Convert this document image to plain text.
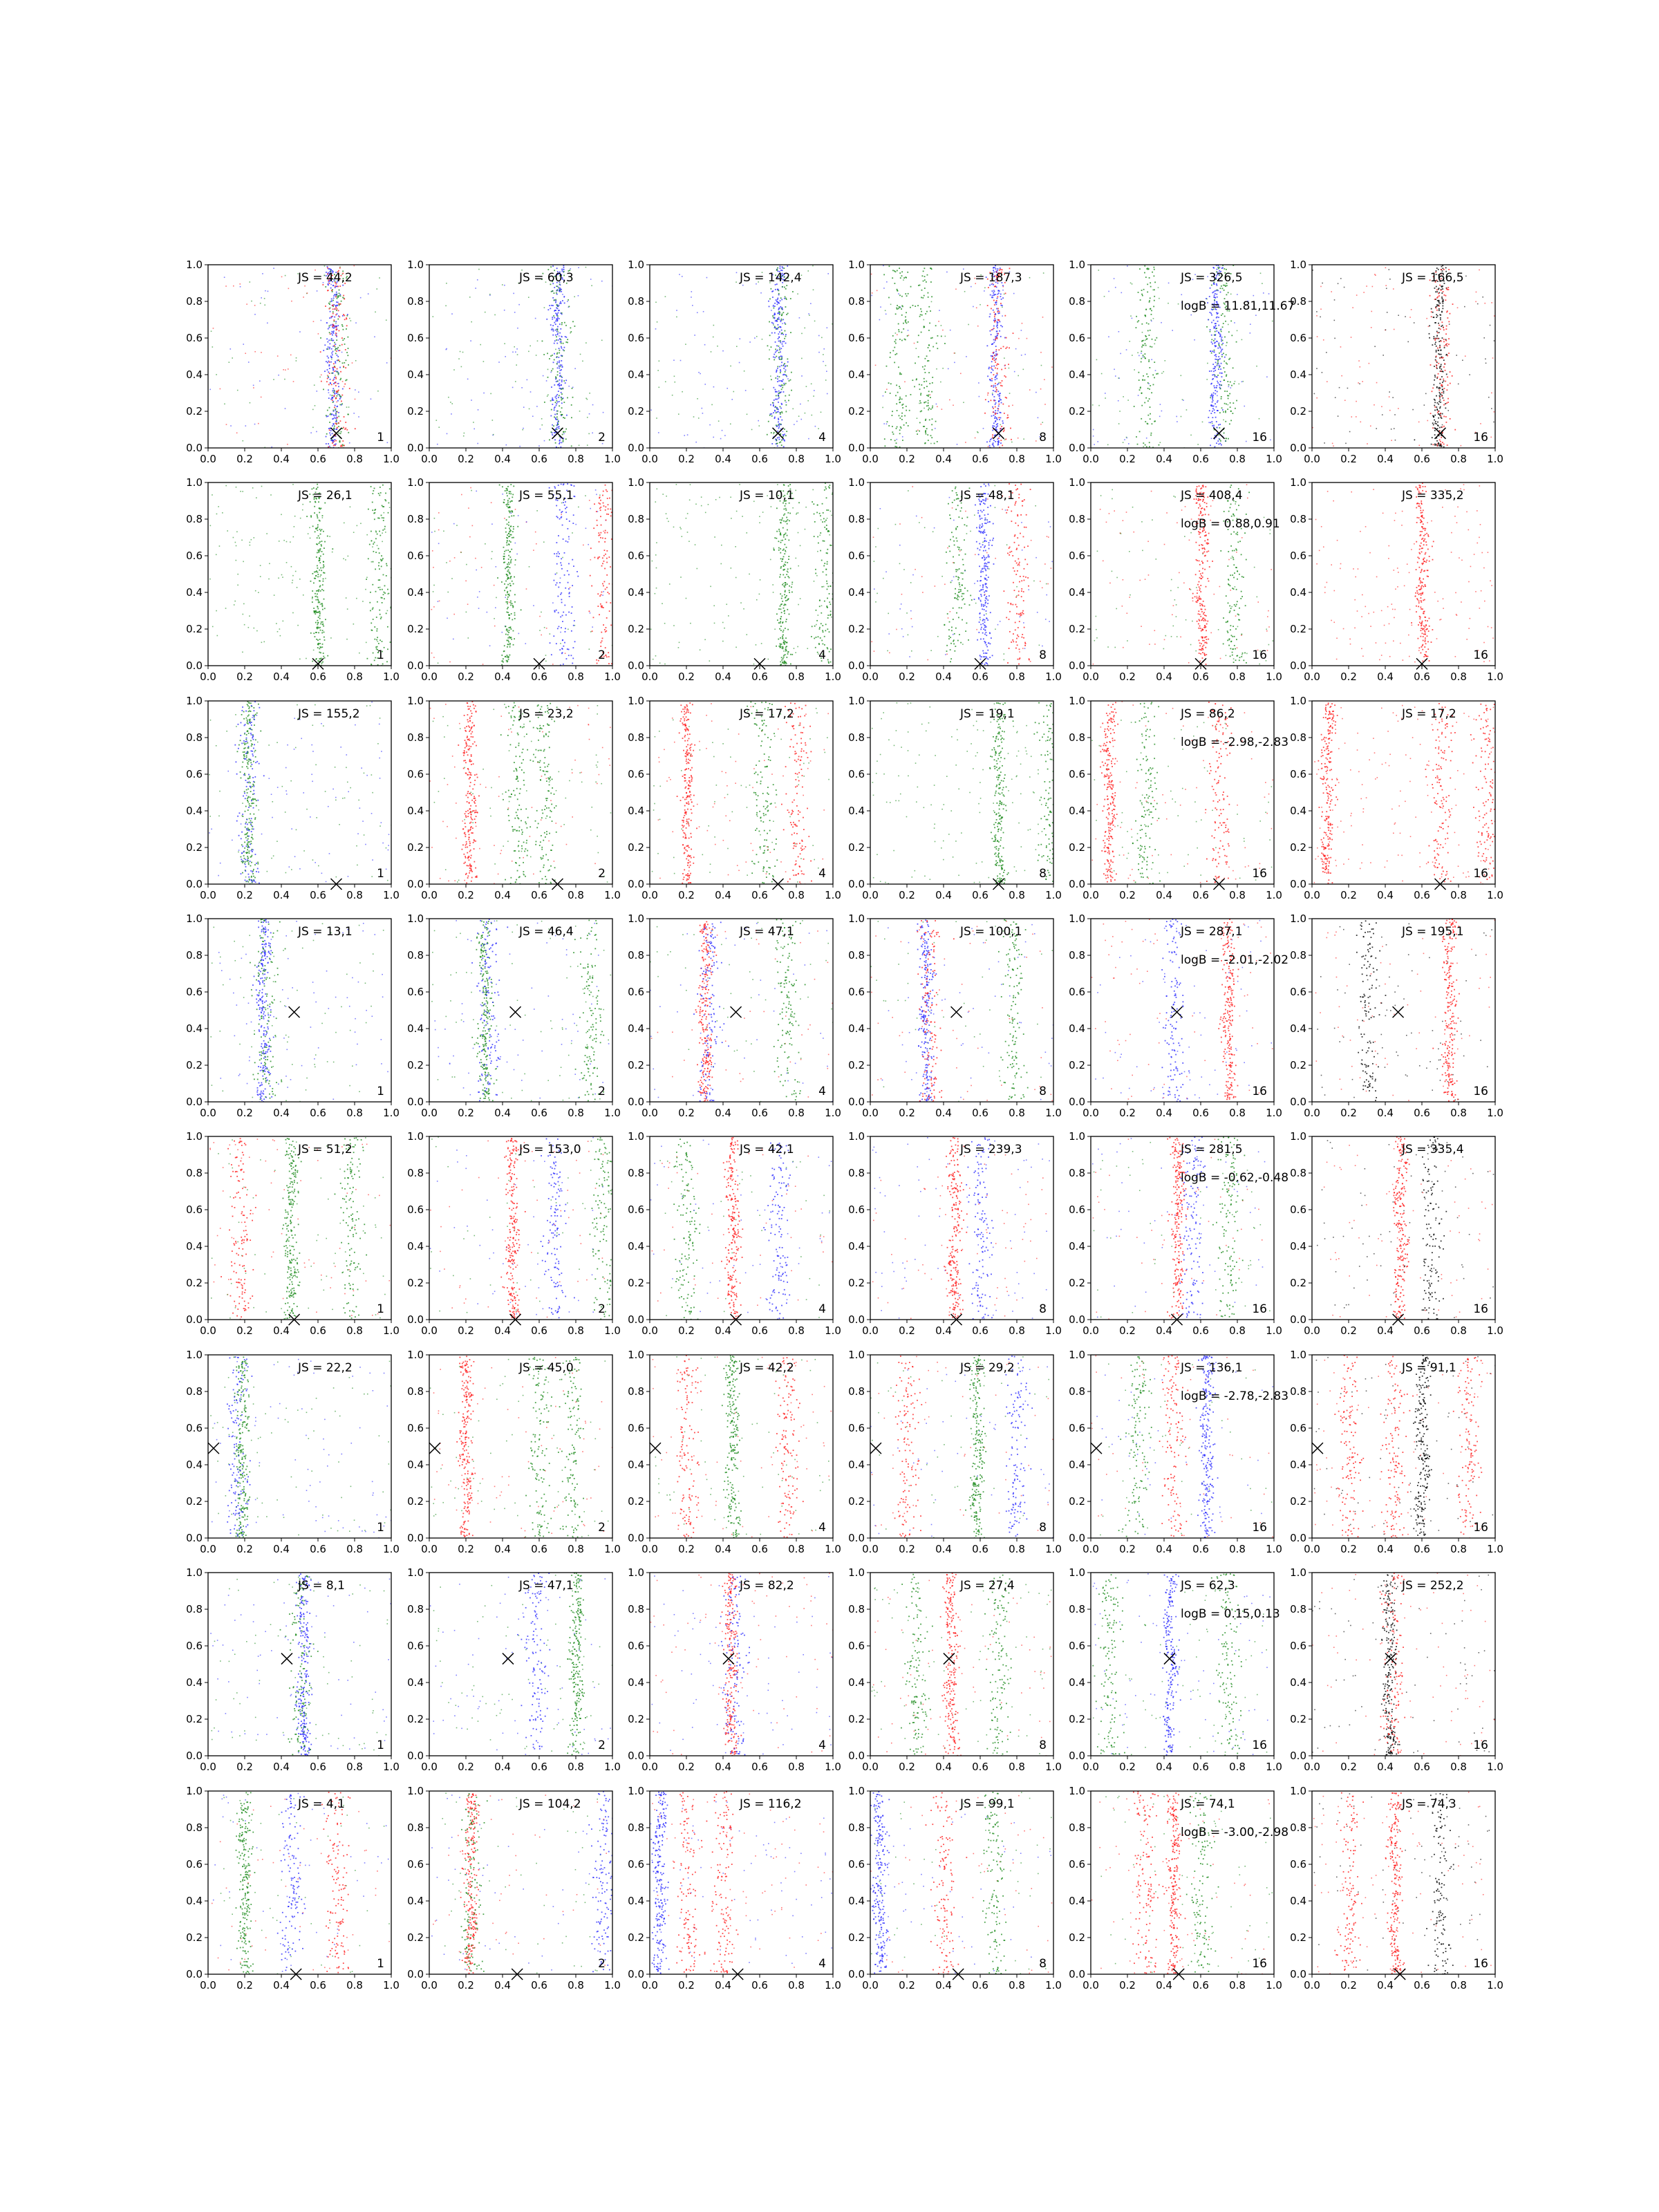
0.0
0.0
0.2
0.2
0.4
0.4
0.6
0.6
0.8
0.8
1.0
1.0
JS = 44,2
1
0.0
0.0
0.2
0.2
0.4
0.4
0.6
0.6
0.8
0.8
1.0
1.0
JS = 60,3
2
0.0
0.0
0.2
0.2
0.4
0.4
0.6
0.6
0.8
0.8
1.0
1.0
JS = 142,4
4
0.0
0.0
0.2
0.2
0.4
0.4
0.6
0.6
0.8
0.8
1.0
1.0
JS = 187,3
8
0.0
0.0
0.2
0.2
0.4
0.4
0.6
0.6
0.8
0.8
1.0
1.0
JS = 326,5
logB = 11.81,11.67
16
0.0
0.0
0.2
0.2
0.4
0.4
0.6
0.6
0.8
0.8
1.0
1.0
JS = 166,5
16
0.0
0.0
0.2
0.2
0.4
0.4
0.6
0.6
0.8
0.8
1.0
1.0
JS = 26,1
1
0.0
0.0
0.2
0.2
0.4
0.4
0.6
0.6
0.8
0.8
1.0
1.0
JS = 55,1
2
0.0
0.0
0.2
0.2
0.4
0.4
0.6
0.6
0.8
0.8
1.0
1.0
JS = 10,1
4
0.0
0.0
0.2
0.2
0.4
0.4
0.6
0.6
0.8
0.8
1.0
1.0
JS = 48,1
8
0.0
0.0
0.2
0.2
0.4
0.4
0.6
0.6
0.8
0.8
1.0
1.0
JS = 408,4
logB = 0.88,0.91
16
0.0
0.0
0.2
0.2
0.4
0.4
0.6
0.6
0.8
0.8
1.0
1.0
JS = 335,2
16
0.0
0.0
0.2
0.2
0.4
0.4
0.6
0.6
0.8
0.8
1.0
1.0
JS = 155,2
1
0.0
0.0
0.2
0.2
0.4
0.4
0.6
0.6
0.8
0.8
1.0
1.0
JS = 23,2
2
0.0
0.0
0.2
0.2
0.4
0.4
0.6
0.6
0.8
0.8
1.0
1.0
JS = 17,2
4
0.0
0.0
0.2
0.2
0.4
0.4
0.6
0.6
0.8
0.8
1.0
1.0
JS = 19,1
8
0.0
0.0
0.2
0.2
0.4
0.4
0.6
0.6
0.8
0.8
1.0
1.0
JS = 86,2
logB = -2.98,-2.83
16
0.0
0.0
0.2
0.2
0.4
0.4
0.6
0.6
0.8
0.8
1.0
1.0
JS = 17,2
16
0.0
0.0
0.2
0.2
0.4
0.4
0.6
0.6
0.8
0.8
1.0
1.0
JS = 13,1
1
0.0
0.0
0.2
0.2
0.4
0.4
0.6
0.6
0.8
0.8
1.0
1.0
JS = 46,4
2
0.0
0.0
0.2
0.2
0.4
0.4
0.6
0.6
0.8
0.8
1.0
1.0
JS = 47,1
4
0.0
0.0
0.2
0.2
0.4
0.4
0.6
0.6
0.8
0.8
1.0
1.0
JS = 100,1
8
0.0
0.0
0.2
0.2
0.4
0.4
0.6
0.6
0.8
0.8
1.0
1.0
JS = 287,1
logB = -2.01,-2.02
16
0.0
0.0
0.2
0.2
0.4
0.4
0.6
0.6
0.8
0.8
1.0
1.0
JS = 195,1
16
0.0
0.0
0.2
0.2
0.4
0.4
0.6
0.6
0.8
0.8
1.0
1.0
JS = 51,2
1
0.0
0.0
0.2
0.2
0.4
0.4
0.6
0.6
0.8
0.8
1.0
1.0
JS = 153,0
2
0.0
0.0
0.2
0.2
0.4
0.4
0.6
0.6
0.8
0.8
1.0
1.0
JS = 42,1
4
0.0
0.0
0.2
0.2
0.4
0.4
0.6
0.6
0.8
0.8
1.0
1.0
JS = 239,3
8
0.0
0.0
0.2
0.2
0.4
0.4
0.6
0.6
0.8
0.8
1.0
1.0
JS = 281,5
logB = -0.62,-0.48
16
0.0
0.0
0.2
0.2
0.4
0.4
0.6
0.6
0.8
0.8
1.0
1.0
JS = 335,4
16
0.0
0.0
0.2
0.2
0.4
0.4
0.6
0.6
0.8
0.8
1.0
1.0
JS = 22,2
1
0.0
0.0
0.2
0.2
0.4
0.4
0.6
0.6
0.8
0.8
1.0
1.0
JS = 45,0
2
0.0
0.0
0.2
0.2
0.4
0.4
0.6
0.6
0.8
0.8
1.0
1.0
JS = 42,2
4
0.0
0.0
0.2
0.2
0.4
0.4
0.6
0.6
0.8
0.8
1.0
1.0
JS = 29,2
8
0.0
0.0
0.2
0.2
0.4
0.4
0.6
0.6
0.8
0.8
1.0
1.0
JS = 136,1
logB = -2.78,-2.83
16
0.0
0.0
0.2
0.2
0.4
0.4
0.6
0.6
0.8
0.8
1.0
1.0
JS = 91,1
16
0.0
0.0
0.2
0.2
0.4
0.4
0.6
0.6
0.8
0.8
1.0
1.0
JS = 8,1
1
0.0
0.0
0.2
0.2
0.4
0.4
0.6
0.6
0.8
0.8
1.0
1.0
JS = 47,1
2
0.0
0.0
0.2
0.2
0.4
0.4
0.6
0.6
0.8
0.8
1.0
1.0
JS = 82,2
4
0.0
0.0
0.2
0.2
0.4
0.4
0.6
0.6
0.8
0.8
1.0
1.0
JS = 27,4
8
0.0
0.0
0.2
0.2
0.4
0.4
0.6
0.6
0.8
0.8
1.0
1.0
JS = 62,3
logB = 0.15,0.13
16
0.0
0.0
0.2
0.2
0.4
0.4
0.6
0.6
0.8
0.8
1.0
1.0
JS = 252,2
16
0.0
0.0
0.2
0.2
0.4
0.4
0.6
0.6
0.8
0.8
1.0
1.0
JS = 4,1
1
0.0
0.0
0.2
0.2
0.4
0.4
0.6
0.6
0.8
0.8
1.0
1.0
JS = 104,2
2
0.0
0.0
0.2
0.2
0.4
0.4
0.6
0.6
0.8
0.8
1.0
1.0
JS = 116,2
4
0.0
0.0
0.2
0.2
0.4
0.4
0.6
0.6
0.8
0.8
1.0
1.0
JS = 99,1
8
0.0
0.0
0.2
0.2
0.4
0.4
0.6
0.6
0.8
0.8
1.0
1.0
JS = 74,1
logB = -3.00,-2.98
16
0.0
0.0
0.2
0.2
0.4
0.4
0.6
0.6
0.8
0.8
1.0
1.0
JS = 74,3
16
